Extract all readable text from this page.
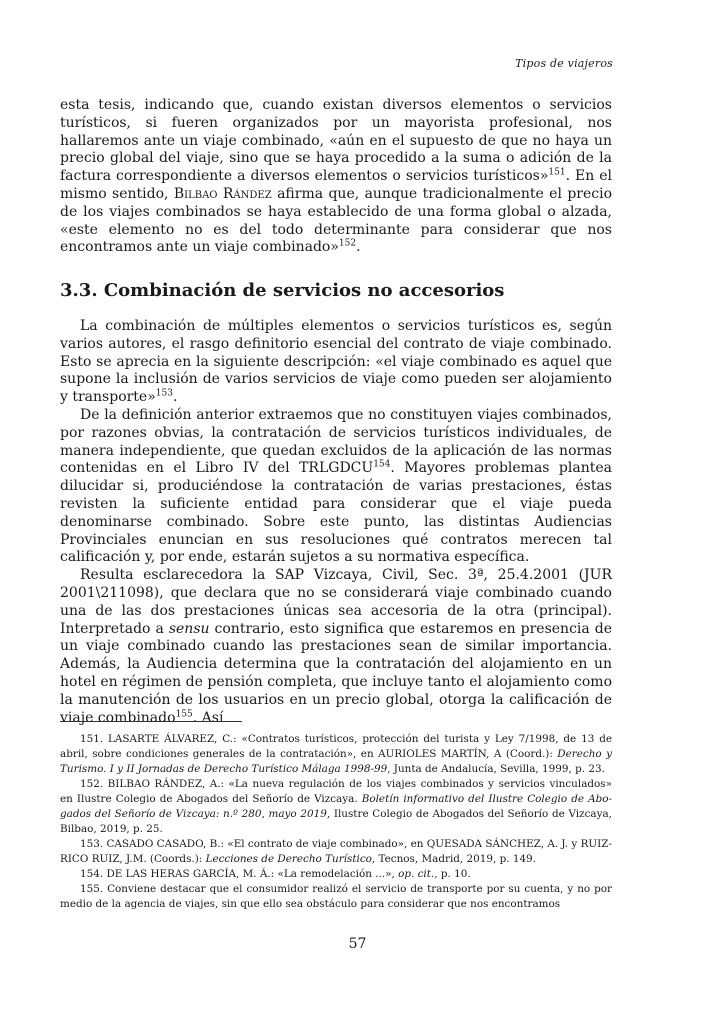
Tipos de viajeros

esta tesis, indicando que, cuando existan diversos elementos o servicios turísticos, si fueren organizados por un mayorista profesional, nos hallaremos ante un viaje combinado, «aún en el supuesto de que no haya un precio global del viaje, sino que se haya procedido a la suma o adición de la factura correspondiente a diversos elementos o servicios turísticos»$^{151}$. En el mismo sentido, Bilbao Rández afirma que, aunque tradicionalmente el precio de los viajes combinados se haya establecido de una forma global o alzada, «este elemento no es del todo determinante para considerar que nos encontramos ante un viaje combinado»$^{152}$.

3.3. Combinación de servicios no accesorios

La combinación de múltiples elementos o servicios turísticos es, según varios autores, el rasgo definitorio esencial del contrato de viaje combinado. Esto se aprecia en la siguiente descripción: «el viaje combinado es aquel que supone la inclusión de varios servicios de viaje como pueden ser alojamiento y transporte»$^{153}$.

De la definición anterior extraemos que no constituyen viajes combinados, por razones obvias, la contratación de servicios turísticos individuales, de manera independiente, que quedan excluidos de la aplicación de las normas contenidas en el Libro IV del TRLGDCU$^{154}$. Mayores problemas plantea dilucidar si, produciéndose la contratación de varias prestaciones, éstas revisten la suficiente entidad para considerar que el viaje pueda denominarse combinado. Sobre este punto, las distintas Audiencias Provinciales enuncian en sus resoluciones qué contratos merecen tal calificación y, por ende, estarán sujetos a su normativa específica.

Resulta esclarecedora la SAP Vizcaya, Civil, Sec. 3ª, 25.4.2001 (JUR 2001\211098), que declara que no se considerará viaje combinado cuando una de las dos prestaciones únicas sea accesoria de la otra (principal). Interpretado a sensu contrario, esto significa que estaremos en presencia de un viaje combinado cuando las prestaciones sean de similar importancia. Además, la Audiencia determina que la contratación del alojamiento en un hotel en régimen de pensión completa, que incluye tanto el alojamiento como la manutención de los usuarios en un precio global, otorga la calificación de viaje combinado$^{155}$. Así

151. LASARTE ÁLVAREZ, C.: «Contratos turísticos, protección del turista y Ley 7/1998, de 13 de abril, sobre condiciones generales de la contratación», en AURIOLES MARTÍN, A (Coord.): Derecho y Turismo. I y II Jornadas de Derecho Turístico Málaga 1998-99, Junta de Andalucía, Sevilla, 1999, p. 23.

152. BILBAO RÁNDEZ, A.: «La nueva regulación de los viajes combinados y servicios vinculados» en Ilustre Colegio de Abogados del Señorío de Vizcaya. Boletín informativo del Ilustre Colegio de Abogados del Señorío de Vizcaya: n.º 280, mayo 2019, Ilustre Colegio de Abogados del Señorío de Vizcaya, Bilbao, 2019, p. 25.

153. CASADO CASADO, B.: «El contrato de viaje combinado», en QUESADA SÁNCHEZ, A. J. y RUIZ-RICO RUIZ, J.M. (Coords.): Lecciones de Derecho Turístico, Tecnos, Madrid, 2019, p. 149.

154. DE LAS HERAS GARCÍA, M. Á.: «La remodelación ...», op. cit., p. 10.

155. Conviene destacar que el consumidor realizó el servicio de transporte por su cuenta, y no por medio de la agencia de viajes, sin que ello sea obstáculo para considerar que nos encontramos

57
